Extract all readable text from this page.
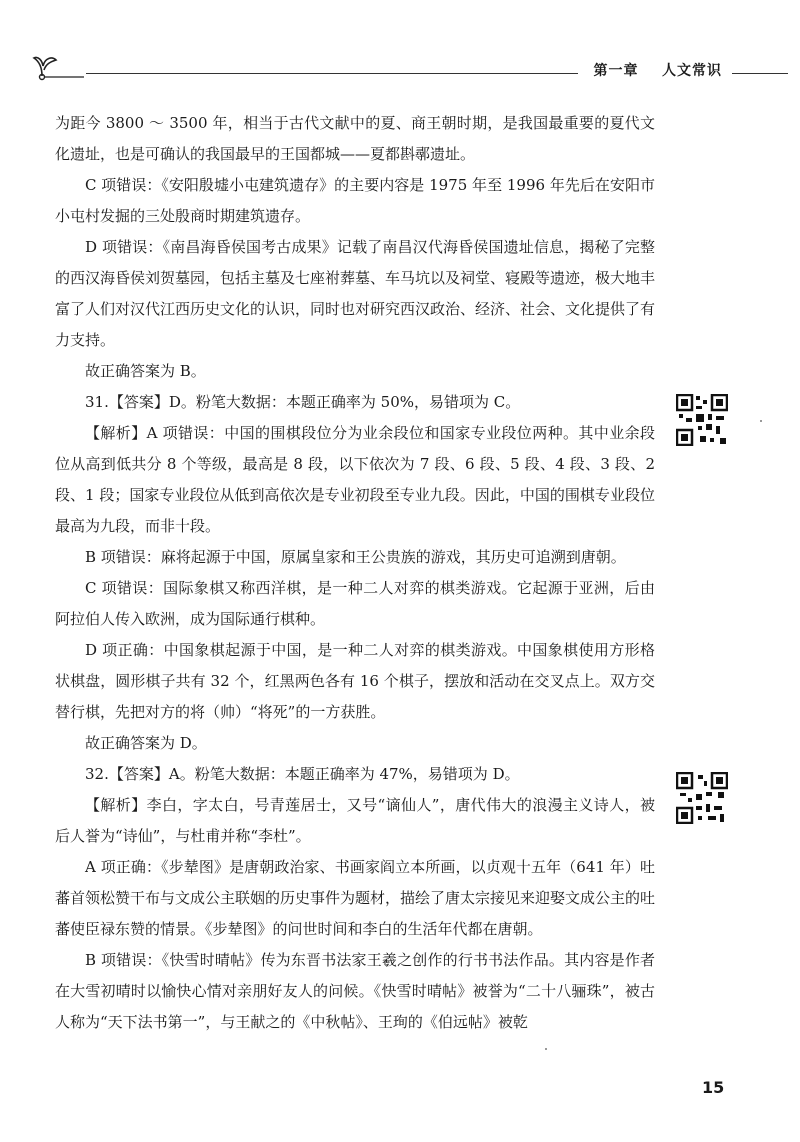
第一章 人文常识

为距今 3800 ～ 3500 年，相当于古代文献中的夏、商王朝时期，是我国最重要的夏代文化遗址，也是可确认的我国最早的王国都城——夏都斟鄩遗址。

C 项错误：《安阳殷墟小屯建筑遗存》的主要内容是 1975 年至 1996 年先后在安阳市小屯村发掘的三处殷商时期建筑遗存。

D 项错误：《南昌海昏侯国考古成果》记载了南昌汉代海昏侯国遗址信息，揭秘了完整的西汉海昏侯刘贺墓园，包括主墓及七座祔葬墓、车马坑以及祠堂、寝殿等遗迹，极大地丰富了人们对汉代江西历史文化的认识，同时也对研究西汉政治、经济、社会、文化提供了有力支持。

故正确答案为 B。

31.【答案】D。粉笔大数据：本题正确率为 50%，易错项为 C。

【解析】A 项错误：中国的围棋段位分为业余段位和国家专业段位两种。其中业余段位从高到低共分 8 个等级，最高是 8 段，以下依次为 7 段、6 段、5 段、4 段、3 段、2 段、1 段；国家专业段位从低到高依次是专业初段至专业九段。因此，中国的围棋专业段位最高为九段，而非十段。

B 项错误：麻将起源于中国，原属皇家和王公贵族的游戏，其历史可追溯到唐朝。

C 项错误：国际象棋又称西洋棋，是一种二人对弈的棋类游戏。它起源于亚洲，后由阿拉伯人传入欧洲，成为国际通行棋种。

D 项正确：中国象棋起源于中国，是一种二人对弈的棋类游戏。中国象棋使用方形格状棋盘，圆形棋子共有 32 个，红黑两色各有 16 个棋子，摆放和活动在交叉点上。双方交替行棋，先把对方的将（帅）“将死”的一方获胜。

故正确答案为 D。

32.【答案】A。粉笔大数据：本题正确率为 47%，易错项为 D。

【解析】李白，字太白，号青莲居士，又号“谪仙人”，唐代伟大的浪漫主义诗人，被后人誉为“诗仙”，与杜甫并称“李杜”。

A 项正确：《步辇图》是唐朝政治家、书画家阎立本所画，以贞观十五年（641 年）吐蕃首领松赞干布与文成公主联姻的历史事件为题材，描绘了唐太宗接见来迎娶文成公主的吐蕃使臣禄东赞的情景。《步辇图》的问世时间和李白的生活年代都在唐朝。

B 项错误：《快雪时晴帖》传为东晋书法家王羲之创作的行书书法作品。其内容是作者在大雪初晴时以愉快心情对亲朋好友人的问候。《快雪时晴帖》被誉为“二十八骊珠”，被古人称为“天下法书第一”，与王献之的《中秋帖》、王珣的《伯远帖》被乾

15
